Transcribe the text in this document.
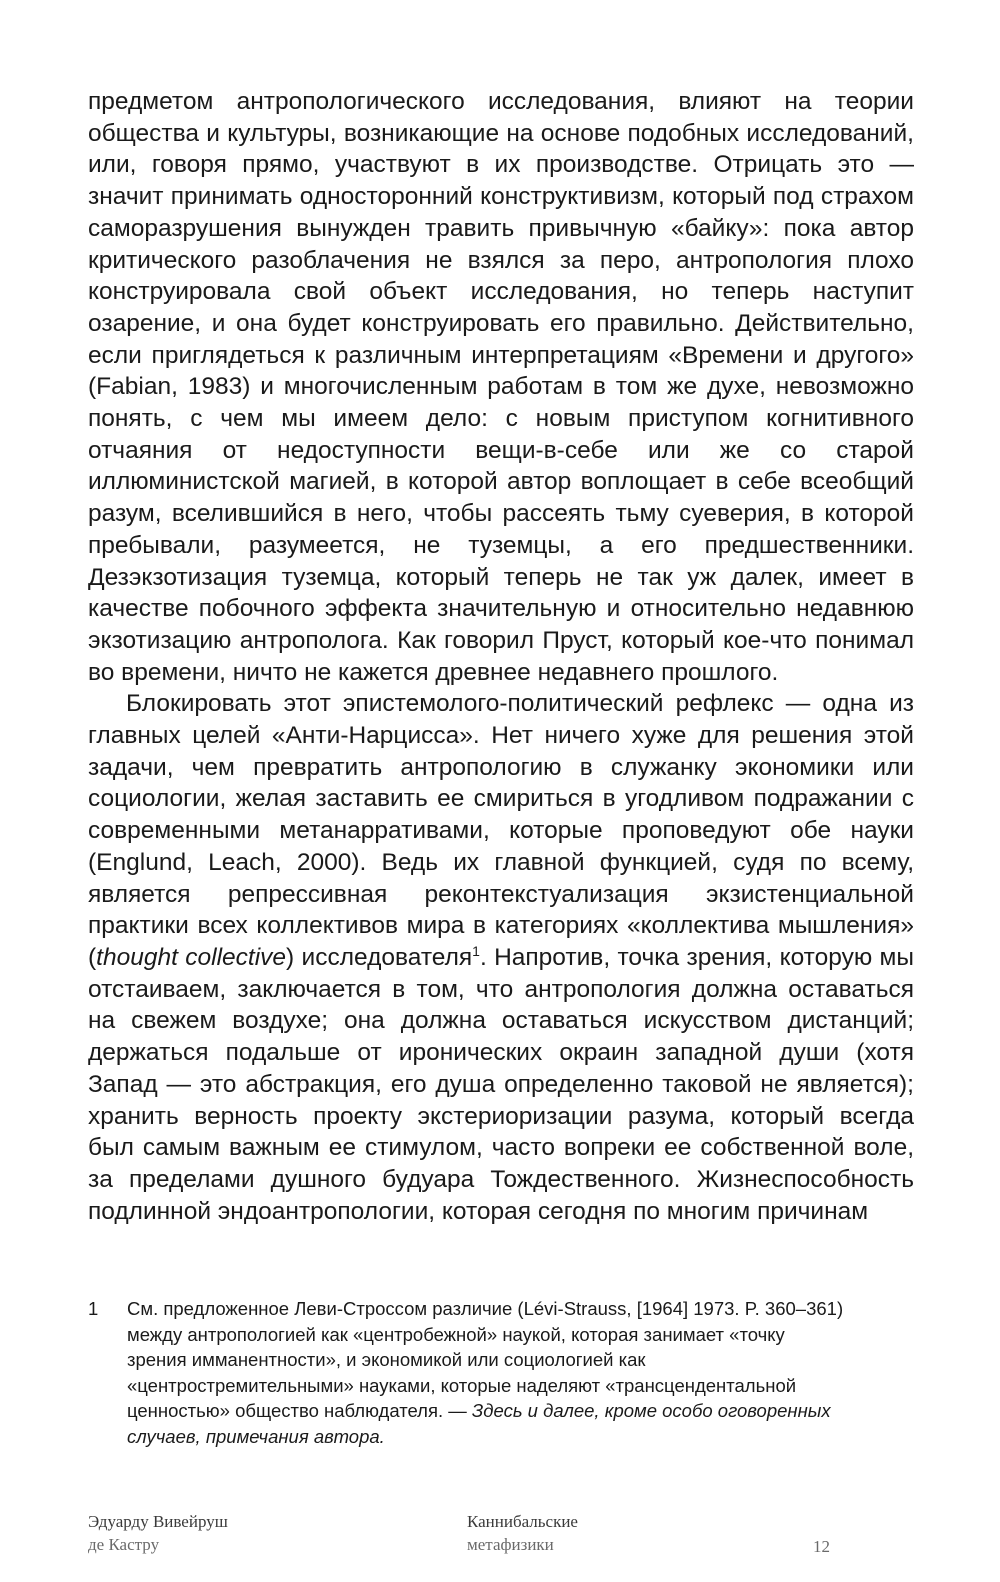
предметом антропологического исследования, влияют на теории общества и культуры, возникающие на основе подобных исследований, или, говоря прямо, участвуют в их производстве. Отрицать это — значит принимать односторонний конструктивизм, который под страхом саморазрушения вынужден травить привычную «байку»: пока автор критического разоблачения не взялся за перо, антропология плохо конструировала свой объект исследования, но теперь наступит озарение, и она будет конструировать его правильно. Действительно, если приглядеться к различным интерпретациям «Времени и другого» (Fabian, 1983) и многочисленным работам в том же духе, невозможно понять, с чем мы имеем дело: с новым приступом когнитивного отчаяния от недоступности вещи-в-себе или же со старой иллюминистской магией, в которой автор воплощает в себе всеобщий разум, вселившийся в него, чтобы рассеять тьму суеверия, в которой пребывали, разумеется, не туземцы, а его предшественники. Дезэкзотизация туземца, который теперь не так уж далек, имеет в качестве побочного эффекта значительную и относительно недавнюю экзотизацию антрополога. Как говорил Пруст, который кое-что понимал во времени, ничто не кажется древнее недавнего прошлого.

Блокировать этот эпистемолого-политический рефлекс — одна из главных целей «Анти-Нарцисса». Нет ничего хуже для решения этой задачи, чем превратить антропологию в служанку экономики или социологии, желая заставить ее смириться в угодливом подражании с современными метанарративами, которые проповедуют обе науки (Englund, Leach, 2000). Ведь их главной функцией, судя по всему, является репрессивная реконтекстуализация экзистенциальной практики всех коллективов мира в категориях «коллектива мышления» (thought collective) исследователя$^1$. Напротив, точка зрения, которую мы отстаиваем, заключается в том, что антропология должна оставаться на свежем воздухе; она должна оставаться искусством дистанций; держаться подальше от иронических окраин западной души (хотя Запад — это абстракция, его душа определенно таковой не является); хранить верность проекту экстериоризации разума, который всегда был самым важным ее стимулом, часто вопреки ее собственной воле, за пределами душного будуара Тождественного. Жизнеспособность подлинной эндоантропологии, которая сегодня по многим причинам

1	См. предложенное Леви-Строссом различие (Lévi-Strauss, [1964] 1973. P. 360–361) между антропологией как «центробежной» наукой, которая занимает «точку зрения имманентности», и экономикой или социологией как «центростремительными» науками, которые наделяют «трансцендентальной ценностью» общество наблюдателя. — Здесь и далее, кроме особо оговоренных случаев, примечания автора.
Эдуарду Вивейруш
де Кастру
Каннибальские
метафизики	12
